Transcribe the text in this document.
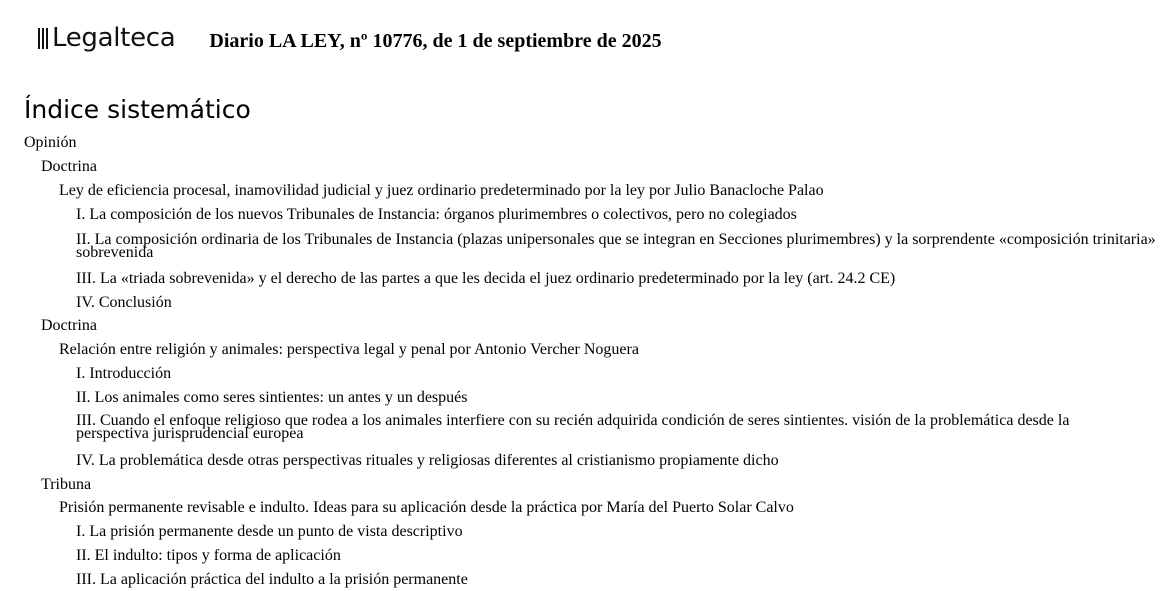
Legalteca Diario LA LEY, nº 10776, de 1 de septiembre de 2025
Índice sistemático
Opinión
Doctrina
Ley de eficiencia procesal, inamovilidad judicial y juez ordinario predeterminado por la ley por Julio Banacloche Palao
I. La composición de los nuevos Tribunales de Instancia: órganos plurimembres o colectivos, pero no colegiados
II. La composición ordinaria de los Tribunales de Instancia (plazas unipersonales que se integran en Secciones plurimembres) y la sorprendente «composición trinitaria» sobrevenida
III. La «triada sobrevenida» y el derecho de las partes a que les decida el juez ordinario predeterminado por la ley (art. 24.2 CE)
IV. Conclusión
Doctrina
Relación entre religión y animales: perspectiva legal y penal por Antonio Vercher Noguera
I. Introducción
II. Los animales como seres sintientes: un antes y un después
III. Cuando el enfoque religioso que rodea a los animales interfiere con su recién adquirida condición de seres sintientes. visión de la problemática desde la perspectiva jurisprudencial europea
IV. La problemática desde otras perspectivas rituales y religiosas diferentes al cristianismo propiamente dicho
Tribuna
Prisión permanente revisable e indulto. Ideas para su aplicación desde la práctica por María del Puerto Solar Calvo
I. La prisión permanente desde un punto de vista descriptivo
II. El indulto: tipos y forma de aplicación
III. La aplicación práctica del indulto a la prisión permanente
